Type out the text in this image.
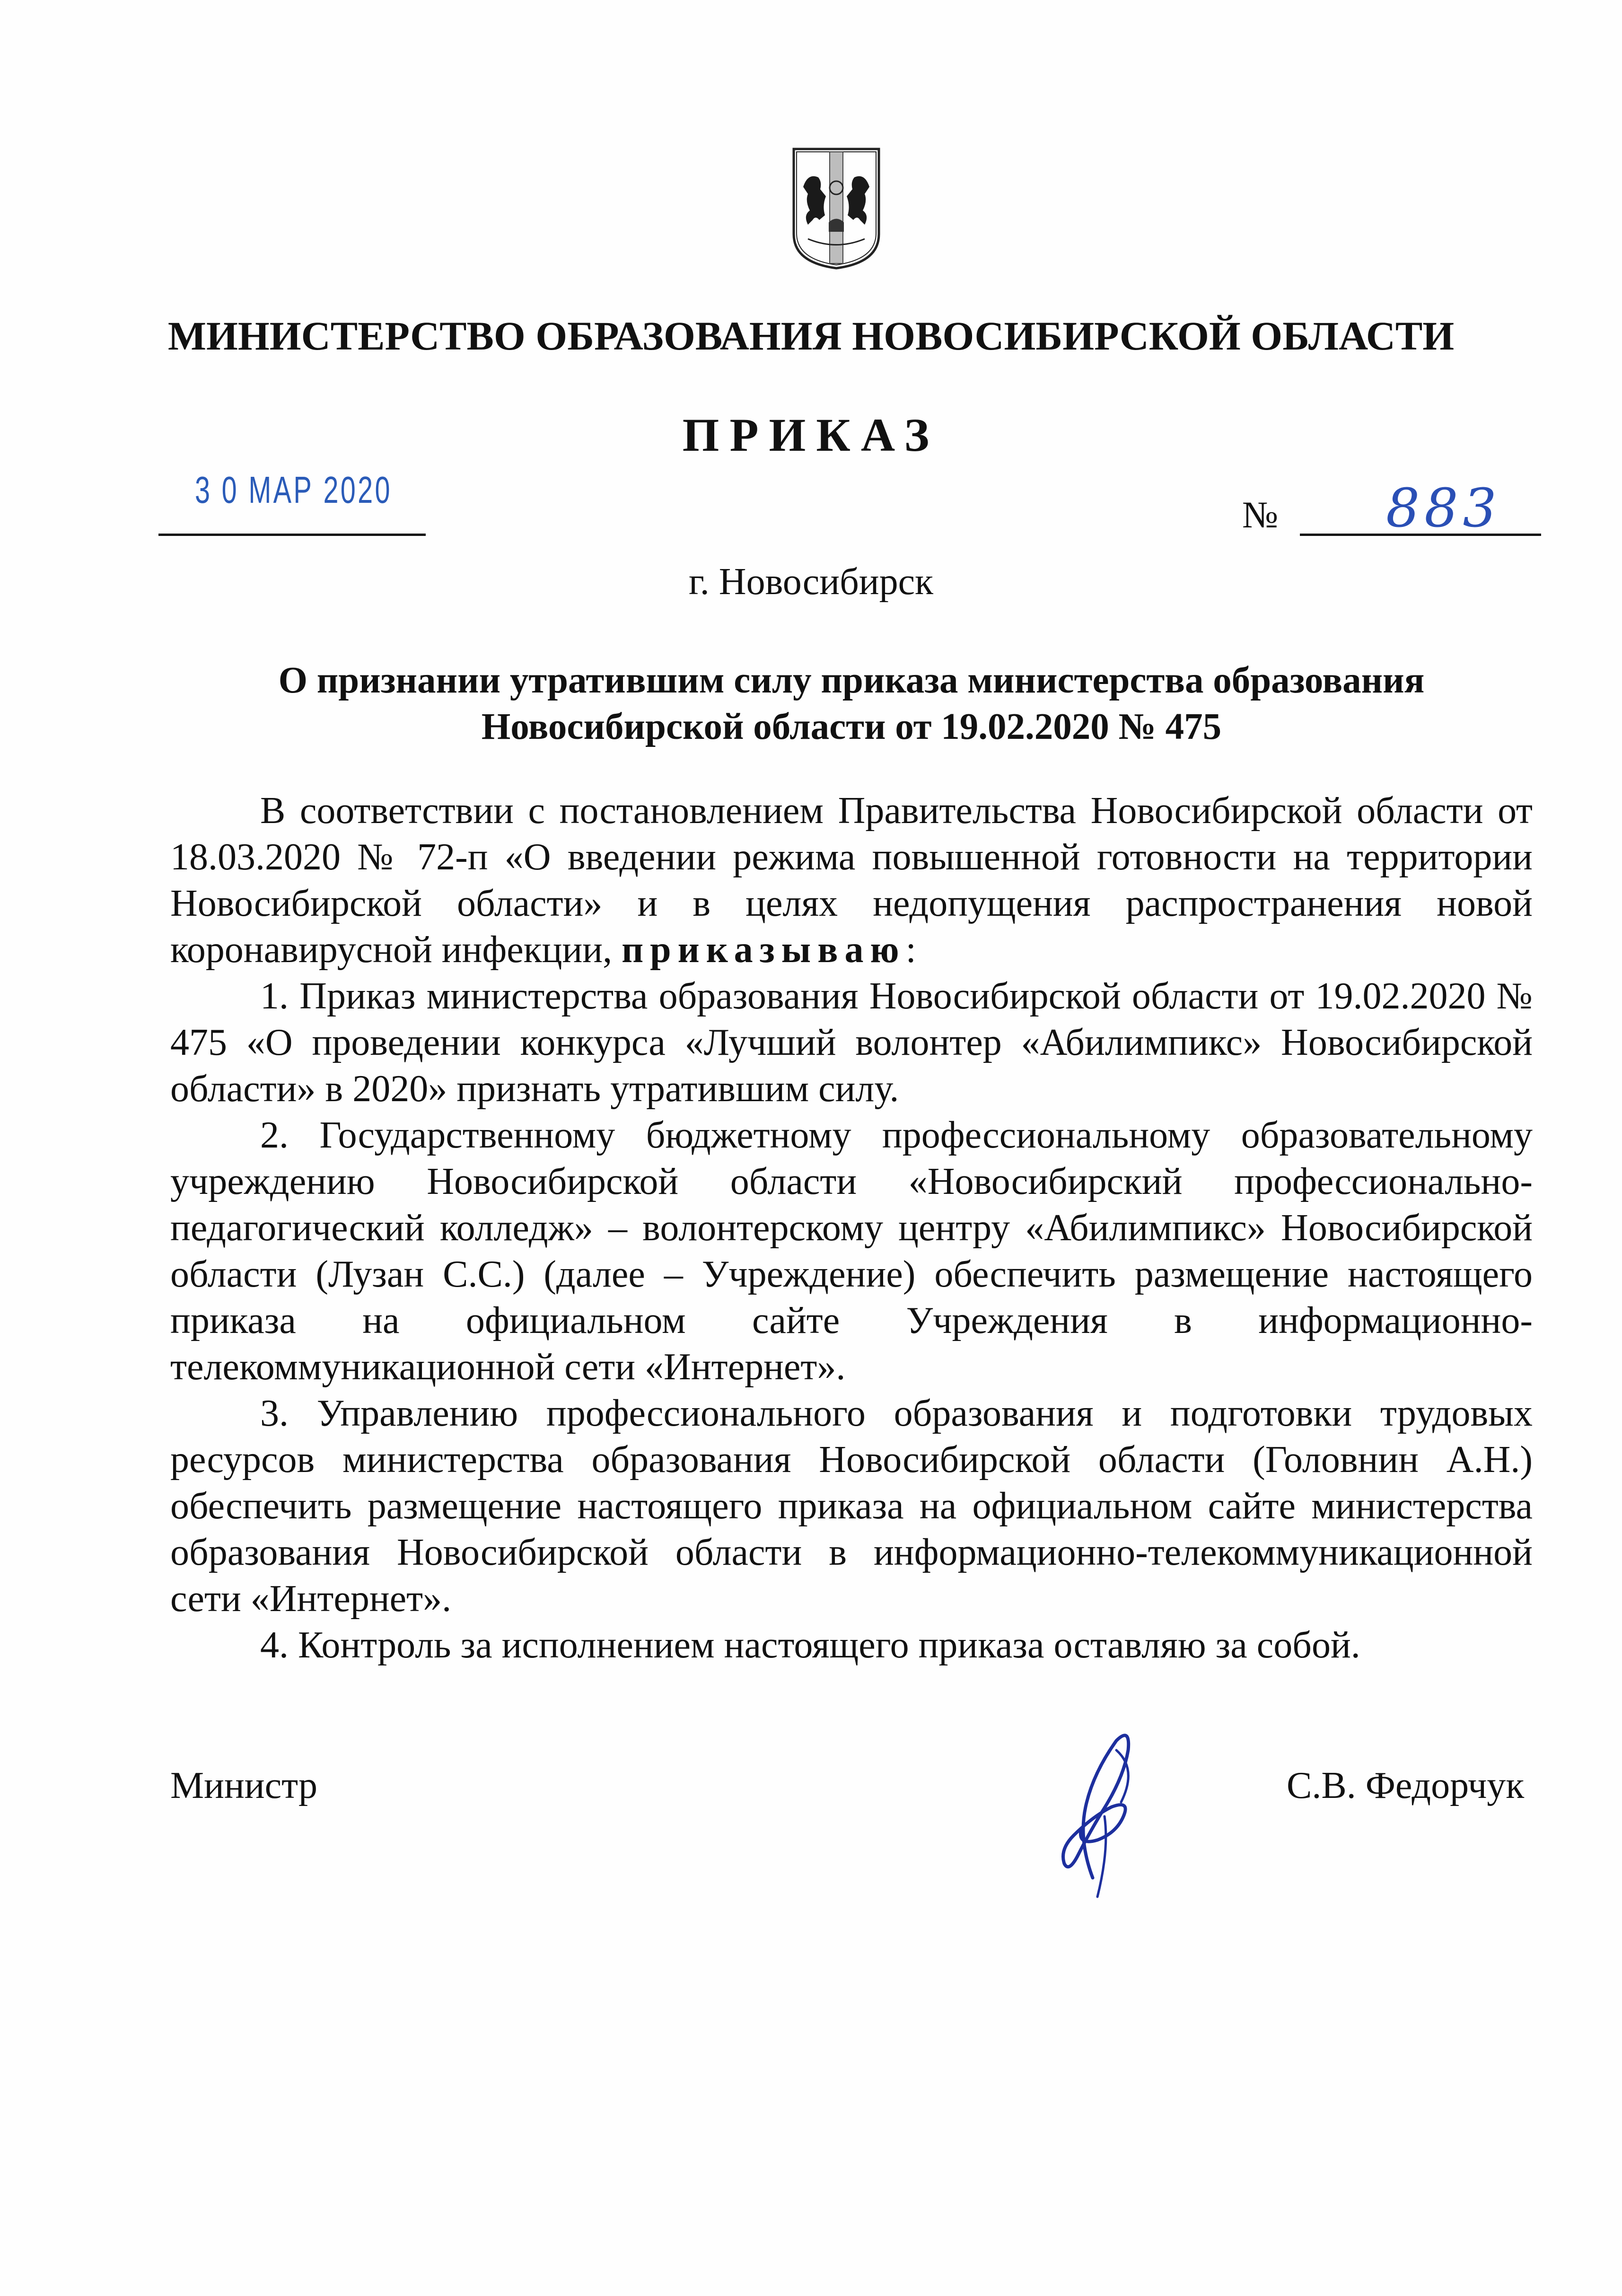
МИНИСТЕРСТВО ОБРАЗОВАНИЯ НОВОСИБИРСКОЙ ОБЛАСТИ
ПРИКАЗ
3 0 МАР 2020
№ 883
г. Новосибирск
О признании утратившим силу приказа министерства образования
Новосибирской области от 19.02.2020 № 475

В соответствии с постановлением Правительства Новосибирской области от 18.03.2020 № 72-п «О введении режима повышенной готовности на территории Новосибирской области» и в целях недопущения распространения новой коронавирусной инфекции, приказываю:

1. Приказ министерства образования Новосибирской области от 19.02.2020 № 475 «О проведении конкурса «Лучший волонтер «Абилимпикс» Новосибирской области» в 2020» признать утратившим силу.

2. Государственному бюджетному профессиональному образовательному учреждению Новосибирской области «Новосибирский профессионально-педагогический колледж» – волонтерскому центру «Абилимпикс» Новосибирской области (Лузан С.С.) (далее – Учреждение) обеспечить размещение настоящего приказа на официальном сайте Учреждения в информационно-телекоммуникационной сети «Интернет».

3. Управлению профессионального образования и подготовки трудовых ресурсов министерства образования Новосибирской области (Головнин А.Н.) обеспечить размещение настоящего приказа на официальном сайте министерства образования Новосибирской области в информационно-телекоммуникационной сети «Интернет».

4. Контроль за исполнением настоящего приказа оставляю за собой.

Министр	С.В. Федорчук
